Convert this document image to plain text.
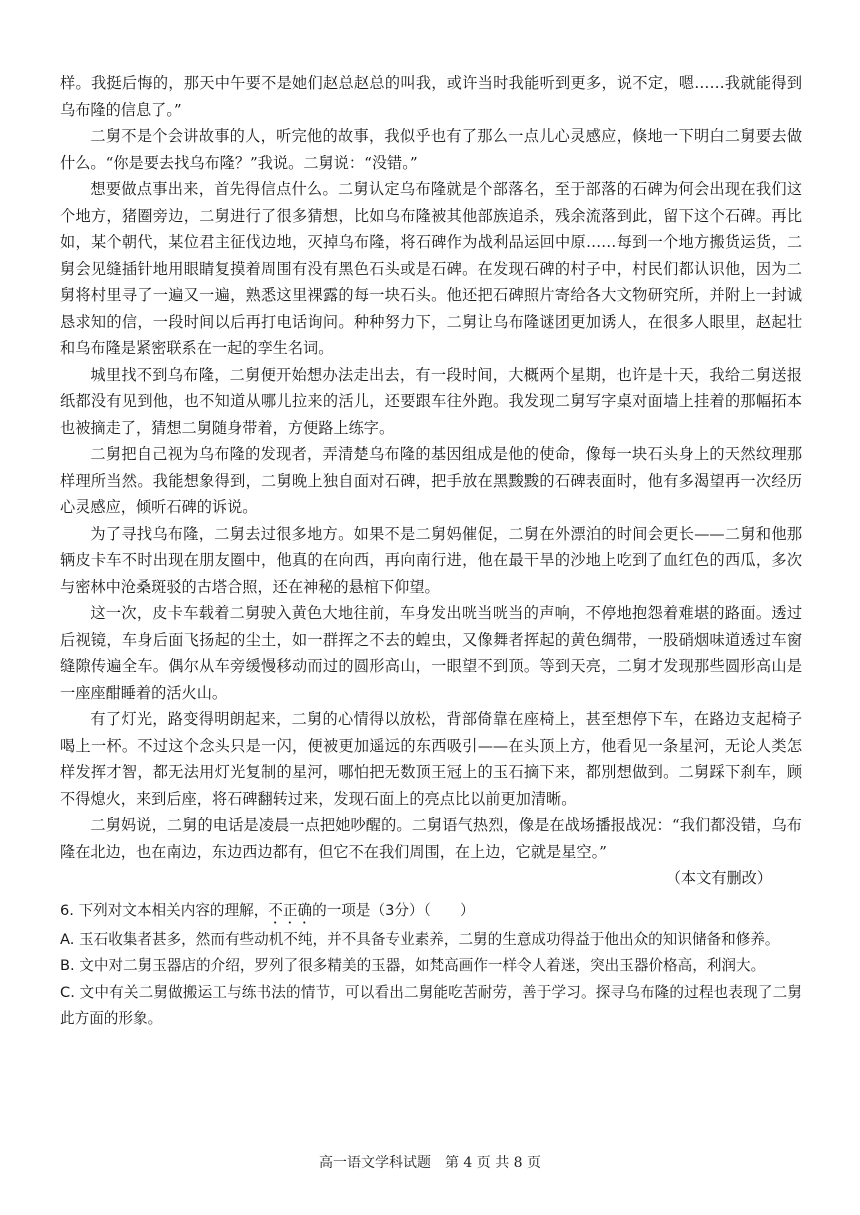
样。我挺后悔的，那天中午要不是她们赵总赵总的叫我，或许当时我能听到更多，说不定，嗯……我就能得到乌布隆的信息了。”

二舅不是个会讲故事的人，听完他的故事，我似乎也有了那么一点儿心灵感应，倏地一下明白二舅要去做什么。“你是要去找乌布隆？”我说。二舅说：“没错。”

想要做点事出来，首先得信点什么。二舅认定乌布隆就是个部落名，至于部落的石碑为何会出现在我们这个地方，猪圈旁边，二舅进行了很多猜想，比如乌布隆被其他部族追杀，残余流落到此，留下这个石碑。再比如，某个朝代，某位君主征伐边地，灭掉乌布隆，将石碑作为战利品运回中原……每到一个地方搬货运货，二舅会见缝插针地用眼睛复摸着周围有没有黑色石头或是石碑。在发现石碑的村子中，村民们都认识他，因为二舅将村里寻了一遍又一遍，熟悉这里裸露的每一块石头。他还把石碑照片寄给各大文物研究所，并附上一封诚恳求知的信，一段时间以后再打电话询问。种种努力下，二舅让乌布隆谜团更加诱人，在很多人眼里，赵起壮和乌布隆是紧密联系在一起的孪生名词。

城里找不到乌布隆，二舅便开始想办法走出去，有一段时间，大概两个星期，也许是十天，我给二舅送报纸都没有见到他，也不知道从哪儿拉来的活儿，还要跟车往外跑。我发现二舅写字桌对面墙上挂着的那幅拓本也被摘走了，猜想二舅随身带着，方便路上练字。

二舅把自己视为乌布隆的发现者，弄清楚乌布隆的基因组成是他的使命，像每一块石头身上的天然纹理那样理所当然。我能想象得到，二舅晚上独自面对石碑，把手放在黑黢黢的石碑表面时，他有多渴望再一次经历心灵感应，倾听石碑的诉说。

为了寻找乌布隆，二舅去过很多地方。如果不是二舅妈催促，二舅在外漂泊的时间会更长——二舅和他那辆皮卡车不时出现在朋友圈中，他真的在向西，再向南行进，他在最干旱的沙地上吃到了血红色的西瓜，多次与密林中沧桑斑驳的古塔合照，还在神秘的悬棺下仰望。

这一次，皮卡车载着二舅驶入黄色大地往前，车身发出咣当咣当的声响，不停地抱怨着难堪的路面。透过后视镜，车身后面飞扬起的尘土，如一群挥之不去的蝗虫，又像舞者挥起的黄色绸带，一股硝烟味道透过车窗缝隙传遍全车。偶尔从车旁缓慢移动而过的圆形高山，一眼望不到顶。等到天亮，二舅才发现那些圆形高山是一座座酣睡着的活火山。

有了灯光，路变得明朗起来，二舅的心情得以放松，背部倚靠在座椅上，甚至想停下车，在路边支起椅子喝上一杯。不过这个念头只是一闪，便被更加遥远的东西吸引——在头顶上方，他看见一条星河，无论人类怎样发挥才智，都无法用灯光复制的星河，哪怕把无数顶王冠上的玉石摘下来，都別想做到。二舅踩下刹车，顾不得熄火，来到后座，将石碑翻转过来，发现石面上的亮点比以前更加清晰。

二舅妈说，二舅的电话是凌晨一点把她吵醒的。二舅语气热烈，像是在战场播报战况：“我们都没错，乌布隆在北边，也在南边，东边西边都有，但它不在我们周围，在上边，它就是星空。”

（本文有删改）

6. 下列对文本相关内容的理解，不正确的一项是（3分）（　　）

A. 玉石收集者甚多，然而有些动机不纯，并不具备专业素养，二舅的生意成功得益于他出众的知识储备和修养。

B. 文中对二舅玉器店的介绍，罗列了很多精美的玉器，如梵高画作一样令人着迷，突出玉器价格高，利润大。

C. 文中有关二舅做搬运工与练书法的情节，可以看出二舅能吃苦耐劳，善于学习。探寻乌布隆的过程也表现了二舅此方面的形象。

高一语文学科试题　第 4 页 共 8 页
